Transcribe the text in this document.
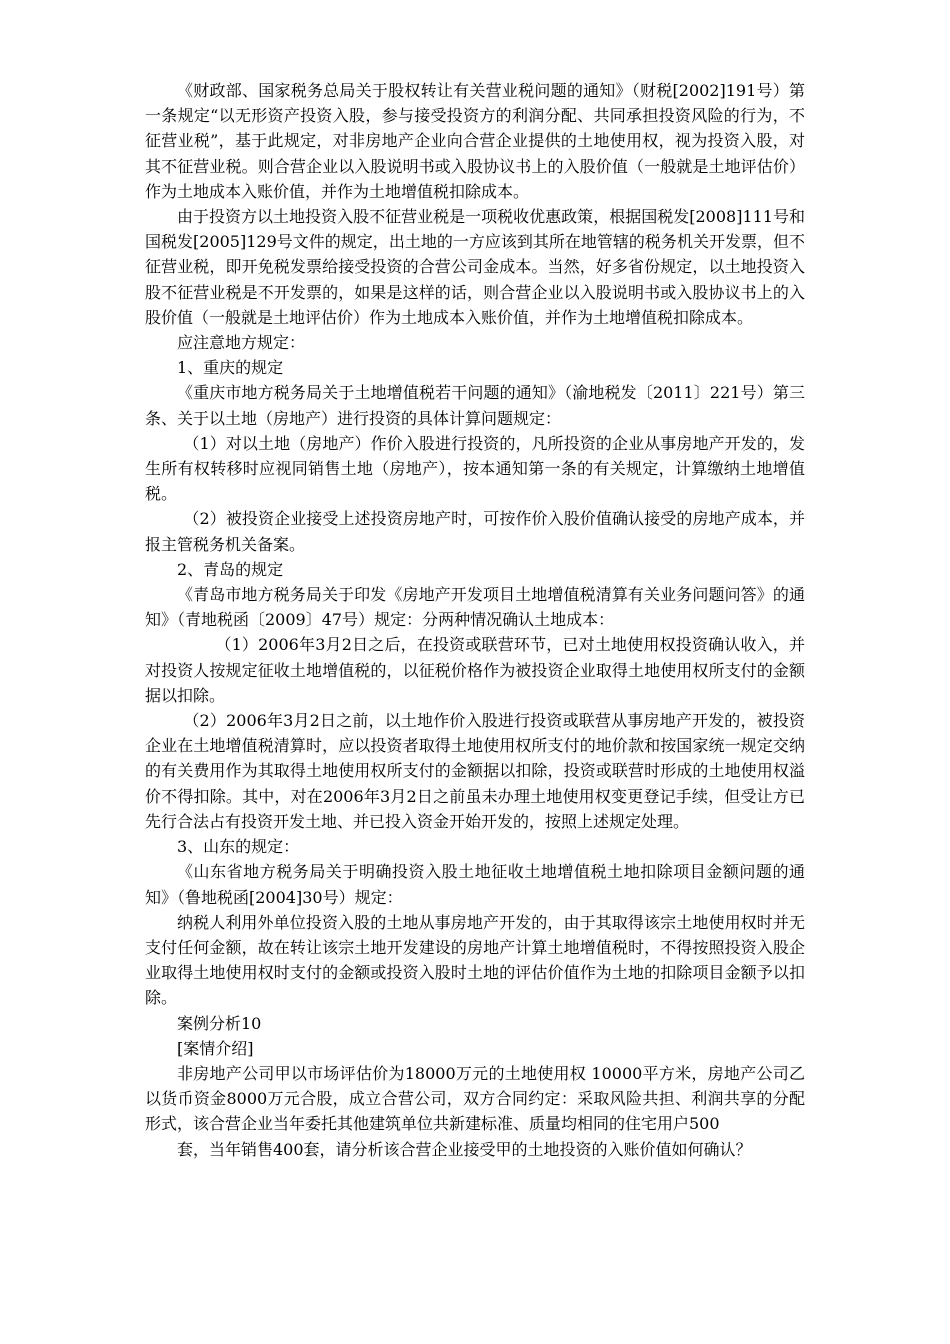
《财政部、国家税务总局关于股权转让有关营业税问题的通知》（财税[2002]191号）第一条规定“以无形资产投资入股，参与接受投资方的利润分配、共同承担投资风险的行为，不征营业税”，基于此规定，对非房地产企业向合营企业提供的土地使用权，视为投资入股，对其不征营业税。则合营企业以入股说明书或入股协议书上的入股价值（一般就是土地评估价）作为土地成本入账价值，并作为土地增值税扣除成本。

由于投资方以土地投资入股不征营业税是一项税收优惠政策，根据国税发[2008]111号和国税发[2005]129号文件的规定，出土地的一方应该到其所在地管辖的税务机关开发票，但不征营业税，即开免税发票给接受投资的合营公司金成本。当然，好多省份规定，以土地投资入股不征营业税是不开发票的，如果是这样的话，则合营企业以入股说明书或入股协议书上的入股价值（一般就是土地评估价）作为土地成本入账价值，并作为土地增值税扣除成本。

应注意地方规定：

1、重庆的规定

《重庆市地方税务局关于土地增值税若干问题的通知》（渝地税发〔2011〕221号）第三条、关于以土地（房地产）进行投资的具体计算问题规定：

（1）对以土地（房地产）作价入股进行投资的，凡所投资的企业从事房地产开发的，发生所有权转移时应视同销售土地（房地产），按本通知第一条的有关规定，计算缴纳土地增值税。

（2）被投资企业接受上述投资房地产时，可按作价入股价值确认接受的房地产成本，并报主管税务机关备案。

2、青岛的规定

《青岛市地方税务局关于印发《房地产开发项目土地增值税清算有关业务问题问答》的通知》（青地税函〔2009〕47号）规定：分两种情况确认土地成本：

（1）2006年3月2日之后，在投资或联营环节，已对土地使用权投资确认收入，并对投资人按规定征收土地增值税的，以征税价格作为被投资企业取得土地使用权所支付的金额据以扣除。

（2）2006年3月2日之前，以土地作价入股进行投资或联营从事房地产开发的，被投资企业在土地增值税清算时，应以投资者取得土地使用权所支付的地价款和按国家统一规定交纳的有关费用作为其取得土地使用权所支付的金额据以扣除，投资或联营时形成的土地使用权溢价不得扣除。其中，对在2006年3月2日之前虽未办理土地使用权变更登记手续，但受让方已先行合法占有投资开发土地、并已投入资金开始开发的，按照上述规定处理。

3、山东的规定：

《山东省地方税务局关于明确投资入股土地征收土地增值税土地扣除项目金额问题的通知》（鲁地税函[2004]30号）规定：

纳税人利用外单位投资入股的土地从事房地产开发的，由于其取得该宗土地使用权时并无支付任何金额，故在转让该宗土地开发建设的房地产计算土地增值税时，不得按照投资入股企业取得土地使用权时支付的金额或投资入股时土地的评估价值作为土地的扣除项目金额予以扣除。

案例分析10

[案情介绍]

非房地产公司甲以市场评估价为18000万元的土地使用权 10000平方米，房地产公司乙以货币资金8000万元合股，成立合营公司，双方合同约定：采取风险共担、利润共享的分配形式，该合营企业当年委托其他建筑单位共新建标准、质量均相同的住宅用户500

套，当年销售400套，请分析该合营企业接受甲的土地投资的入账价值如何确认？
